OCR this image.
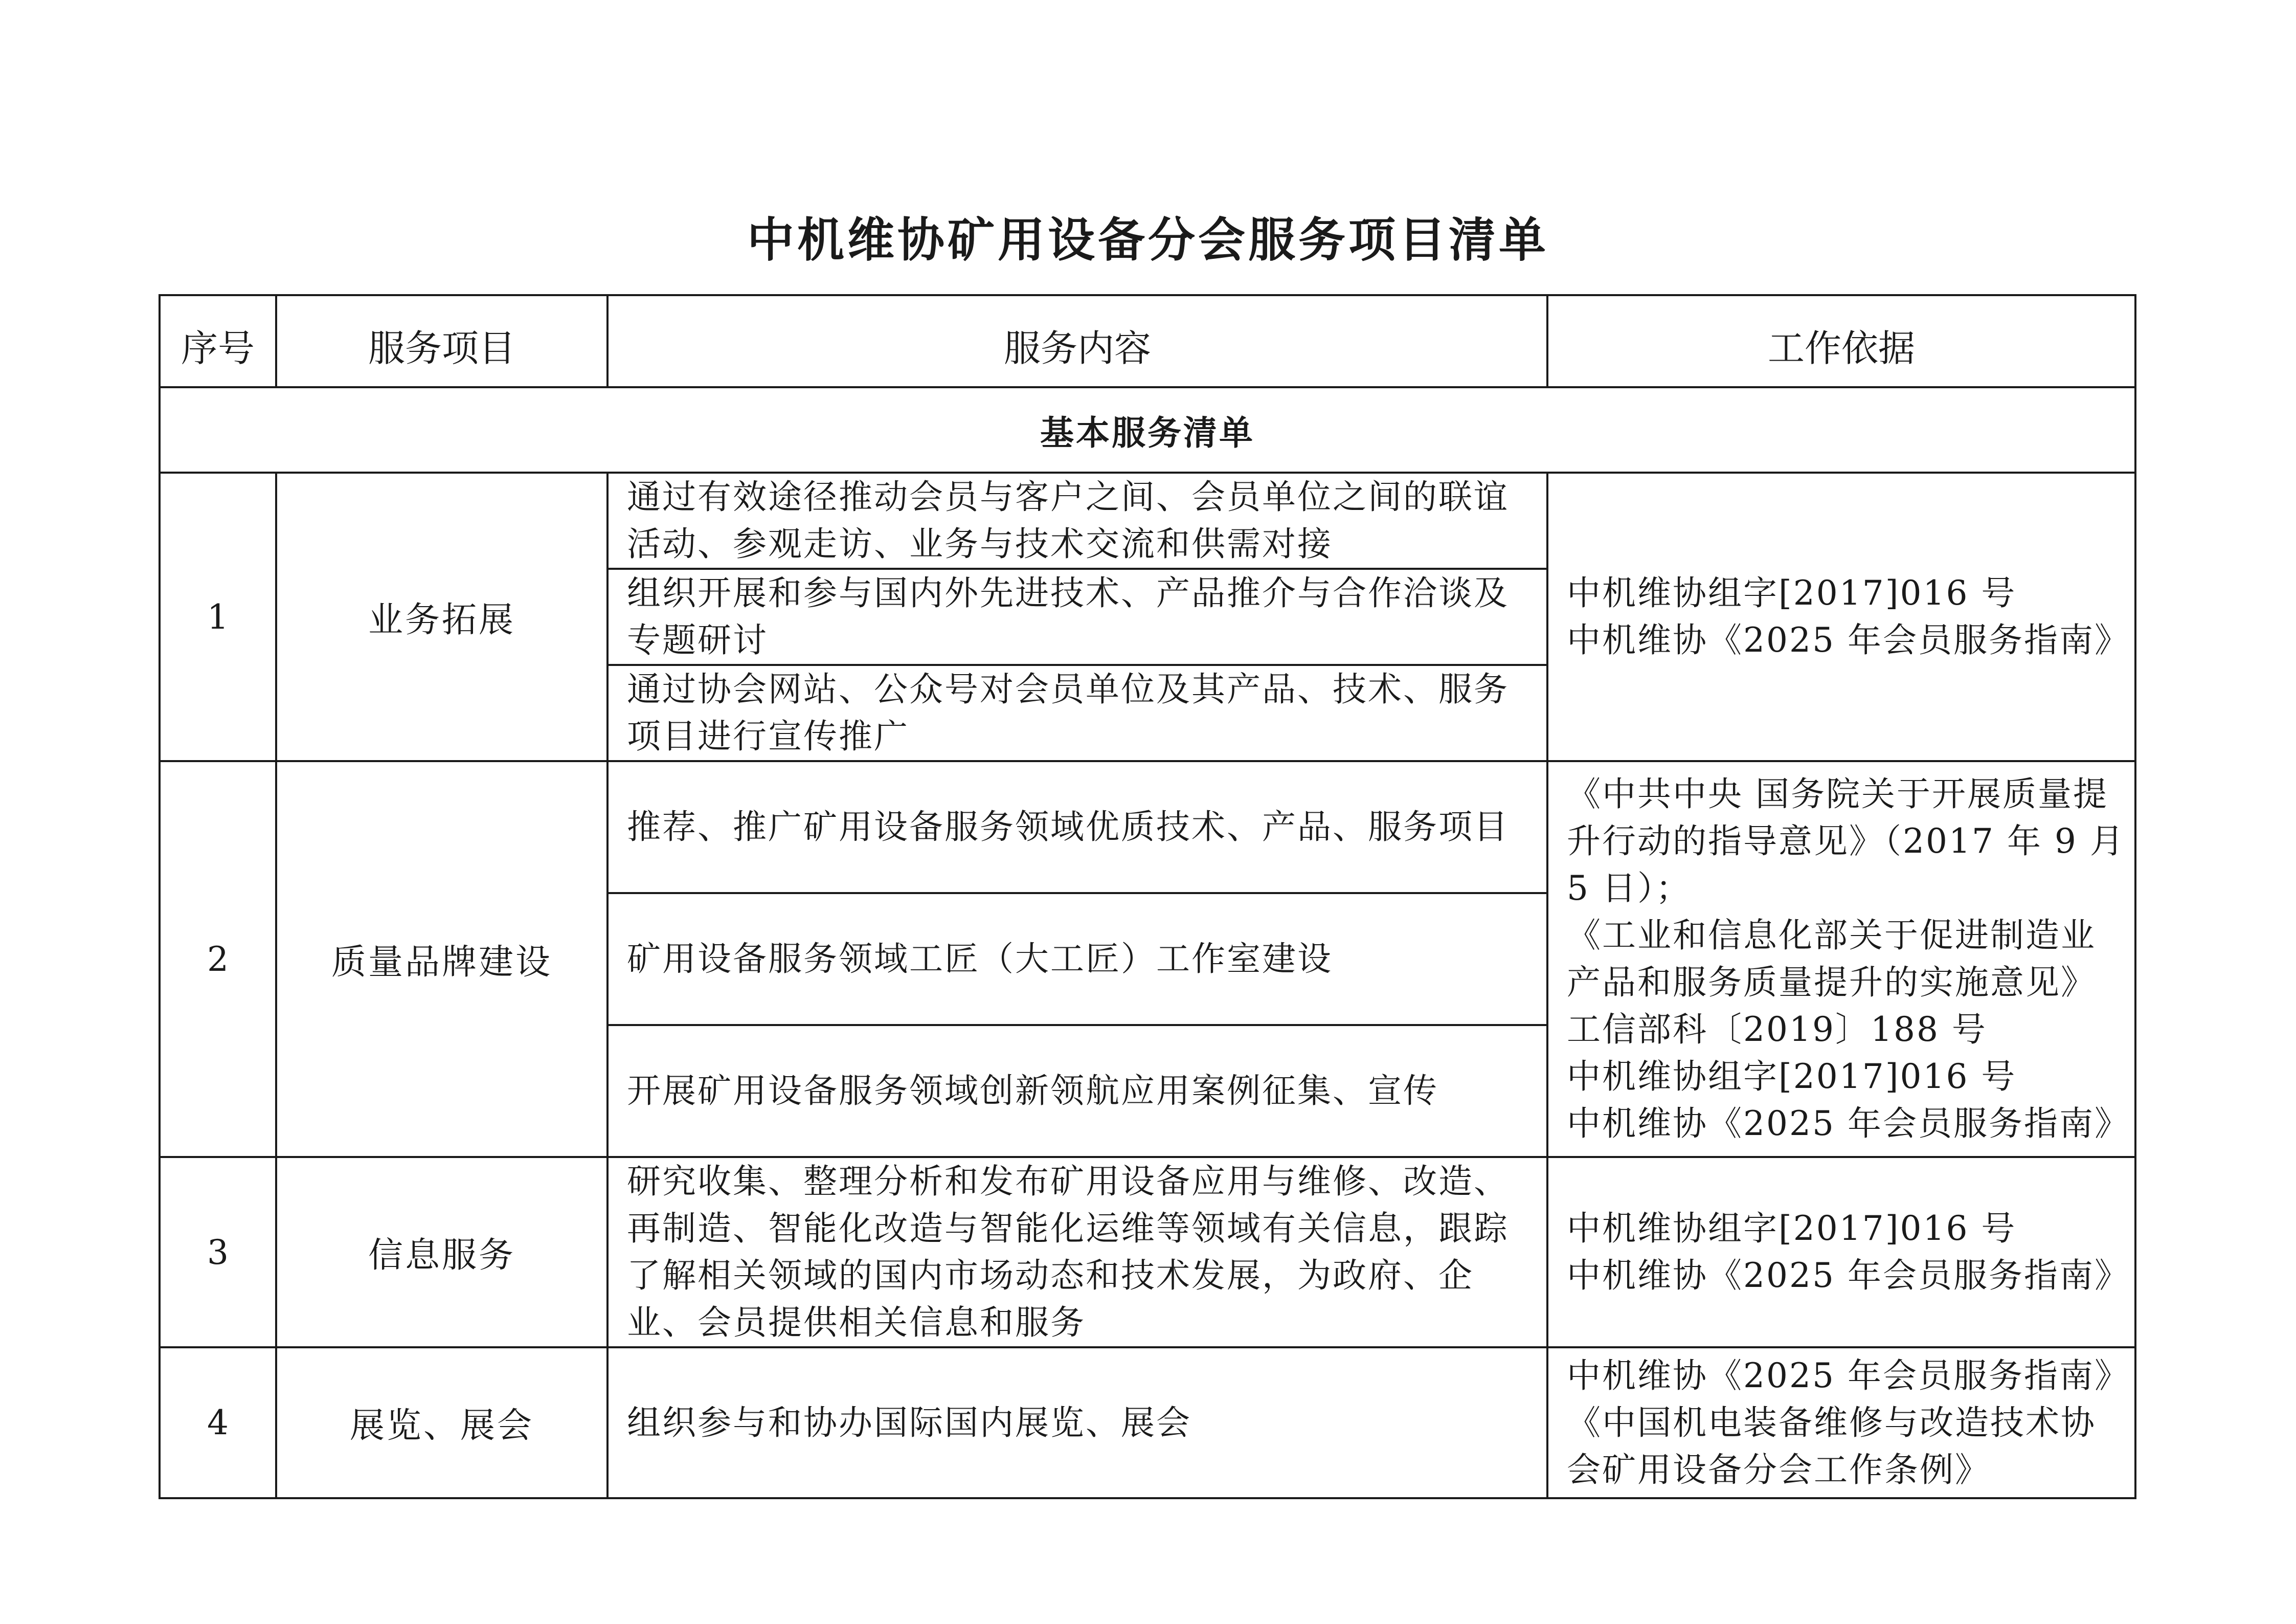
中机维协矿用设备分会服务项目清单
序号	服务项目	服务内容	工作依据
基本服务清单			
1	业务拓展	通过有效途径推动会员与客户之间、会员单位之间的联谊活动、参观走访、业务与技术交流和供需对接	中机维协组字[2017]016 号
中机维协《2025 年会员服务指南》

		组织开展和参与国内外先进技术、产品推介与合作洽谈及专题研讨	
		通过协会网站、公众号对会员单位及其产品、技术、服务项目进行宣传推广	
2	质量品牌建设	推荐、推广矿用设备服务领域优质技术、产品、服务项目	《中共中央 国务院关于开展质量提升行动的指导意见》（2017 年 9 月 5 日）；
《工业和信息化部关于促进制造业产品和服务质量提升的实施意见》工信部科〔2019〕188 号
中机维协组字[2017]016 号
中机维协《2025 年会员服务指南》

		矿用设备服务领域工匠（大工匠）工作室建设	
		开展矿用设备服务领域创新领航应用案例征集、宣传	
3	信息服务	研究收集、整理分析和发布矿用设备应用与维修、改造、再制造、智能化改造与智能化运维等领域有关信息，跟踪了解相关领域的国内市场动态和技术发展，为政府、企业、会员提供相关信息和服务	中机维协组字[2017]016 号
中机维协《2025 年会员服务指南》

4	展览、展会	组织参与和协办国际国内展览、展会	中机维协《2025 年会员服务指南》
《中国机电装备维修与改造技术协会矿用设备分会工作条例》
